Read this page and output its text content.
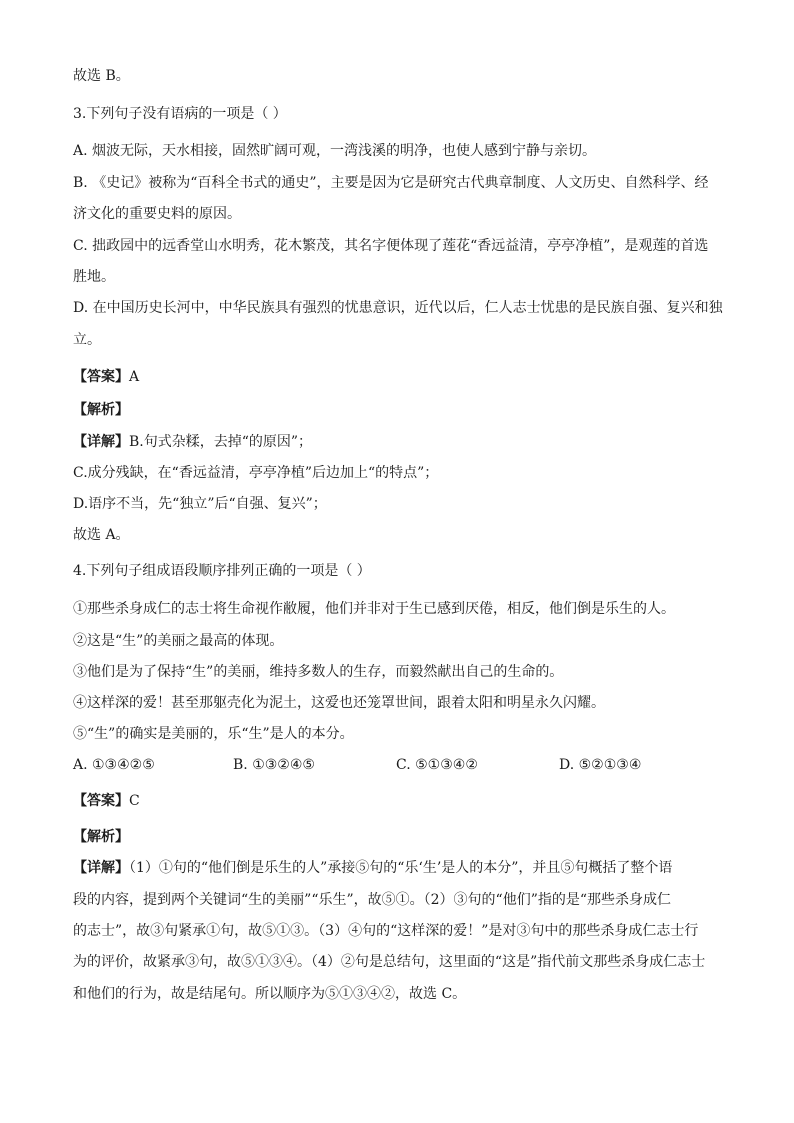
故选 B。
3.下列句子没有语病的一项是（ ）
A. 烟波无际，天水相接，固然旷阔可观，一湾浅溪的明净，也使人感到宁静与亲切。
B. 《史记》被称为“百科全书式的通史”，主要是因为它是研究古代典章制度、人文历史、自然科学、经
济文化的重要史料的原因。
C. 拙政园中的远香堂山水明秀，花木繁茂，其名字便体现了莲花“香远益清，亭亭净植”，是观莲的首选
胜地。
D. 在中国历史长河中，中华民族具有强烈的忧患意识，近代以后，仁人志士忧患的是民族自强、复兴和独
立。
【答案】A
【解析】
【详解】B.句式杂糅，去掉“的原因”；
C.成分残缺，在“香远益清，亭亭净植”后边加上“的特点”；
D.语序不当，先“独立”后“自强、复兴”；
故选 A。
4.下列句子组成语段顺序排列正确的一项是（ ）
①那些杀身成仁的志士将生命视作敝履，他们并非对于生已感到厌倦，相反，他们倒是乐生的人。
②这是“生”的美丽之最高的体现。
③他们是为了保持“生”的美丽，维持多数人的生存，而毅然献出自己的生命的。
④这样深的爱！甚至那躯壳化为泥土，这爱也还笼罩世间，跟着太阳和明星永久闪耀。
⑤“生”的确实是美丽的，乐“生”是人的本分。
A. ①③④②⑤	B. ①③②④⑤	C. ⑤①③④②	D. ⑤②①③④
【答案】C
【解析】
【详解】（1）①句的“他们倒是乐生的人”承接⑤句的“乐‘生’是人的本分”，并且⑤句概括了整个语
段的内容，提到两个关键词“生的美丽”“乐生”，故⑤①。（2）③句的“他们”指的是“那些杀身成仁
的志士”，故③句紧承①句，故⑤①③。（3）④句的“这样深的爱！”是对③句中的那些杀身成仁志士行
为的评价，故紧承③句，故⑤①③④。（4）②句是总结句，这里面的“这是”指代前文那些杀身成仁志士
和他们的行为，故是结尾句。所以顺序为⑤①③④②，故选 C。
